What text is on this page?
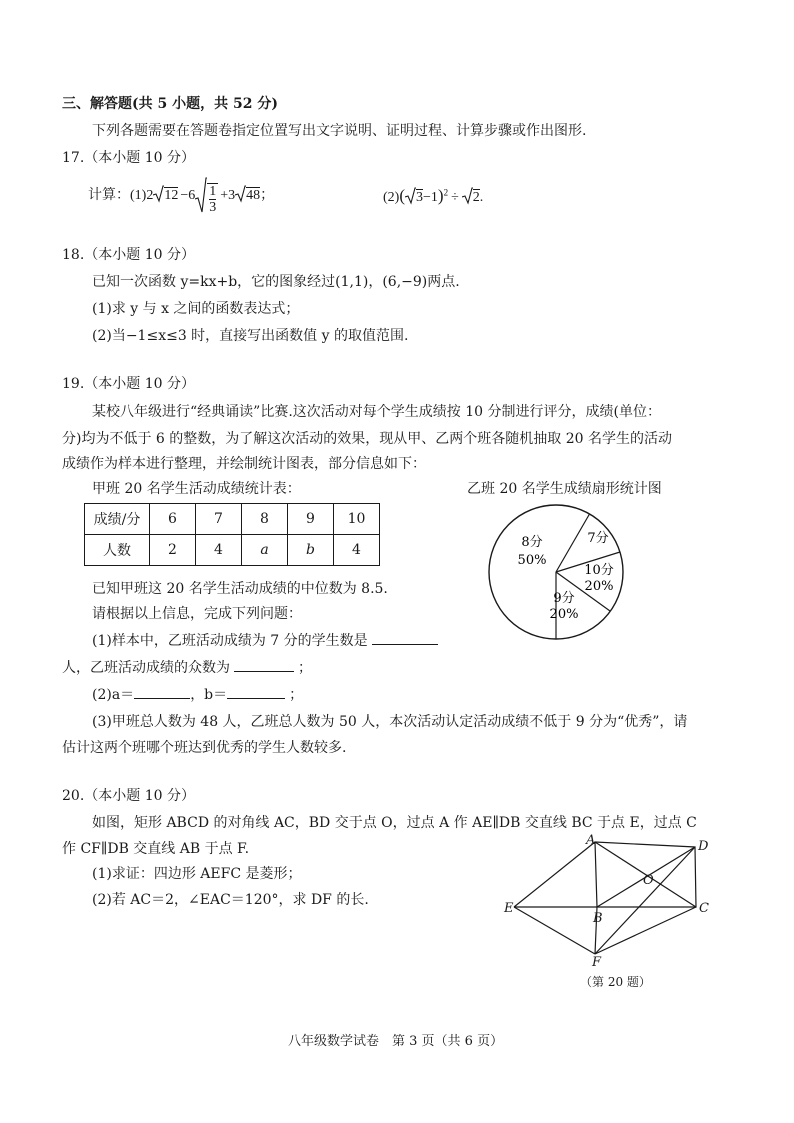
三、解答题(共 5 小题，共 52 分)
下列各题需要在答题卷指定位置写出文字说明、证明过程、计算步骤或作出图形.
17.（本小题 10 分）
计算：(1)2 $12 -6 \frac{1}{3} +3$ 48；	(2)( 3−1)$^2$ ÷ 2.
18.（本小题 10 分）
已知一次函数 y=kx+b，它的图象经过(1,1)，(6,−9)两点.
(1)求 y 与 x 之间的函数表达式；
(2)当−1≤x≤3 时，直接写出函数值 y 的取值范围.
19.（本小题 10 分）
某校八年级进行“经典诵读”比赛.这次活动对每个学生成绩按 10 分制进行评分，成绩(单位：
分)均为不低于 6 的整数，为了解这次活动的效果，现从甲、乙两个班各随机抽取 20 名学生的活动
成绩作为样本进行整理，并绘制统计图表，部分信息如下：
甲班 20 名学生活动成绩统计表：
成绩/分	6	7	8	9	10
人数	2	4	a	b	4
乙班 20 名学生成绩扇形统计图
8分
50%
7分
10分
20%
9分
20%
已知甲班这 20 名学生活动成绩的中位数为 8.5.
请根据以上信息，完成下列问题：
(1)样本中，乙班活动成绩为 7 分的学生数是
人，乙班活动成绩的众数为	；
(2)a＝	，b＝	；
(3)甲班总人数为 48 人，乙班总人数为 50 人，本次活动认定活动成绩不低于 9 分为“优秀”，请
估计这两个班哪个班达到优秀的学生人数较多.
20.（本小题 10 分）
如图，矩形 ABCD 的对角线 AC，BD 交于点 O，过点 A 作 AE∥DB 交直线 BC 于点 E，过点 C
作 CF∥DB 交直线 AB 于点 F.
(1)求证：四边形 AEFC 是菱形；
(2)若 AC＝2，∠EAC＝120°，求 DF 的长.
A	D
O
E
B
C
F
（第 20 题）
八年级数学试卷　第 3 页（共 6 页）
